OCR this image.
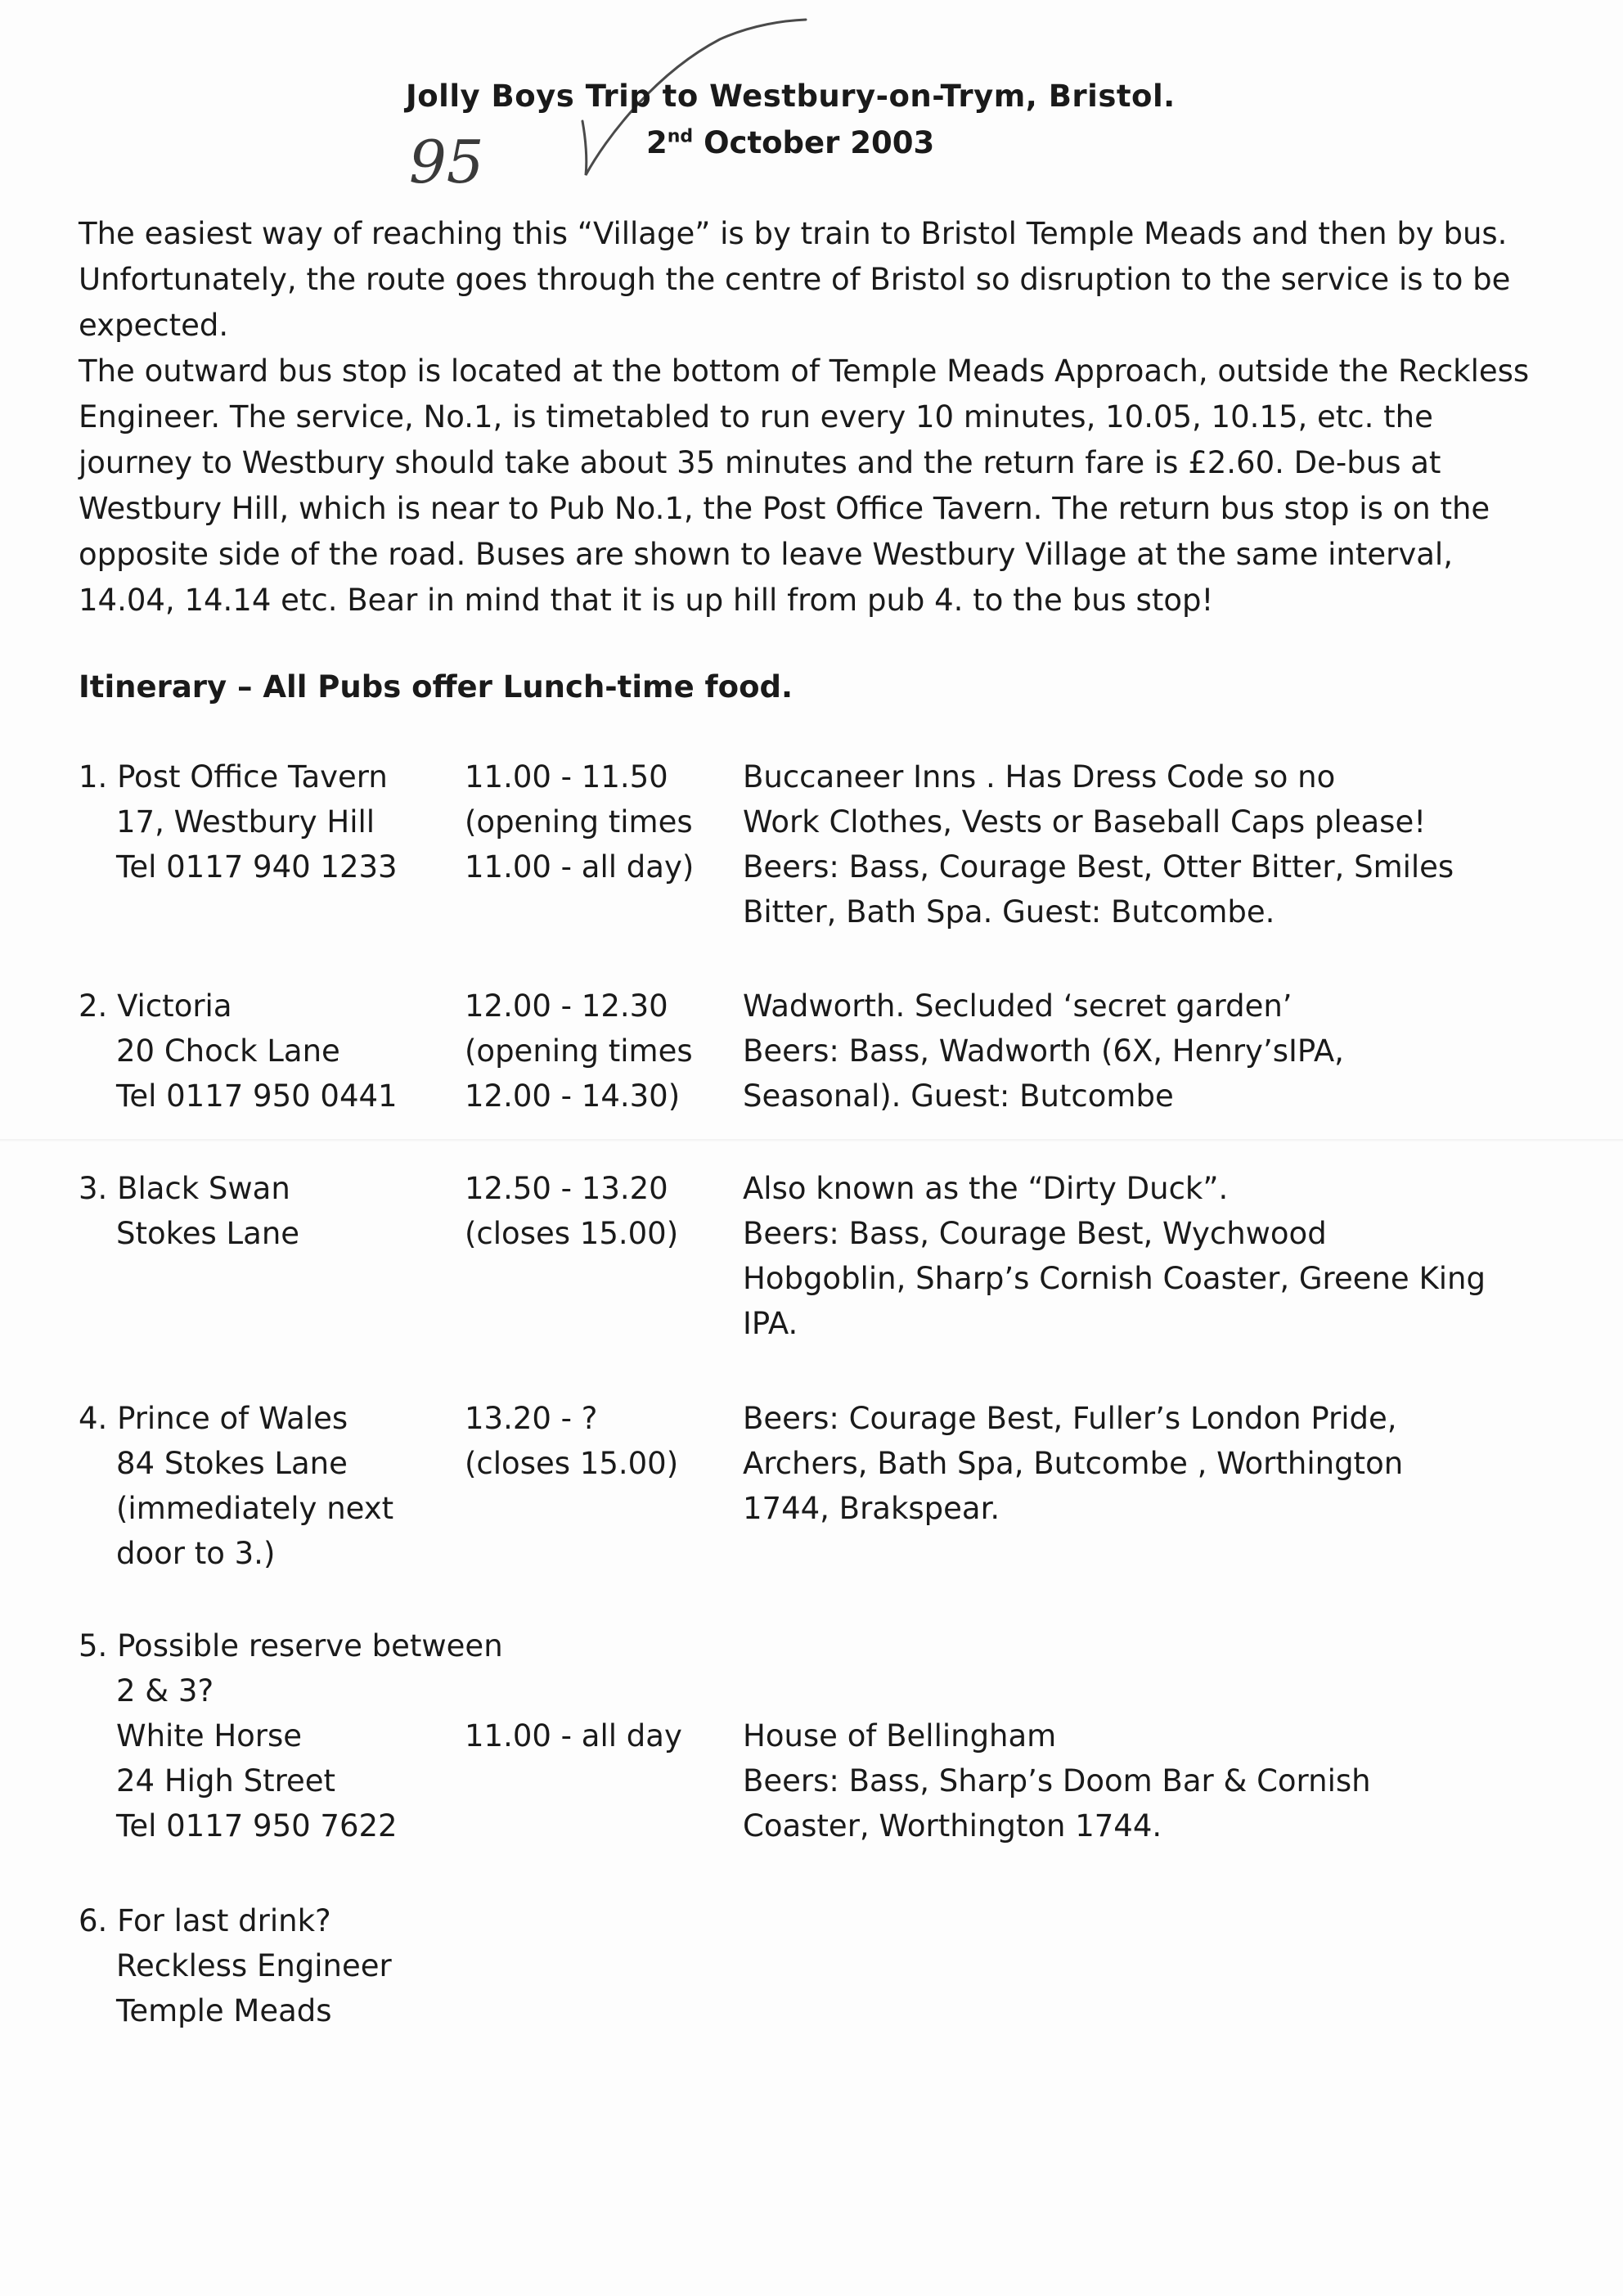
Jolly Boys Trip to Westbury-on-Trym, Bristol.
2nd October 2003
95

The easiest way of reaching this “Village” is by train to Bristol Temple Meads and then by bus. Unfortunately, the route goes through the centre of Bristol so disruption to the service is to be expected.

The outward bus stop is located at the bottom of Temple Meads Approach, outside the Reckless Engineer. The service, No.1, is timetabled to run every 10 minutes, 10.05, 10.15, etc. the journey to Westbury should take about 35 minutes and the return fare is £2.60. De-bus at Westbury Hill, which is near to Pub No.1, the Post Office Tavern. The return bus stop is on the opposite side of the road. Buses are shown to leave Westbury Village at the same interval, 14.04, 14.14 etc. Bear in mind that it is up hill from pub 4. to the bus stop!

Itinerary – All Pubs offer Lunch-time food.
1. Post Office Tavern
17, Westbury Hill
Tel 0117 940 1233
11.00 - 11.50
(opening times
11.00 - all day)
Buccaneer Inns . Has Dress Code so no
Work Clothes, Vests or Baseball Caps please!
Beers: Bass, Courage Best, Otter Bitter, Smiles
Bitter, Bath Spa. Guest: Butcombe.
2. Victoria
20 Chock Lane
Tel 0117 950 0441
12.00 - 12.30
(opening times
12.00 - 14.30)
Wadworth. Secluded ‘secret garden’
Beers: Bass, Wadworth (6X, Henry’sIPA,
Seasonal). Guest: Butcombe
3. Black Swan
Stokes Lane
12.50 - 13.20
(closes 15.00)
Also known as the “Dirty Duck”.
Beers: Bass, Courage Best, Wychwood
Hobgoblin, Sharp’s Cornish Coaster, Greene King
IPA.
4. Prince of Wales
84 Stokes Lane
(immediately next
door to 3.)
13.20 - ?
(closes 15.00)
Beers: Courage Best, Fuller’s London Pride,
Archers, Bath Spa, Butcombe , Worthington
1744, Brakspear.
5. Possible reserve between
2 & 3?
White Horse
24 High Street
Tel 0117 950 7622

11.00 - all day

	House of Bellingham
Beers: Bass, Sharp’s Doom Bar & Cornish
Coaster, Worthington 1744.
6. For last drink?
Reckless Engineer
Temple Meads
